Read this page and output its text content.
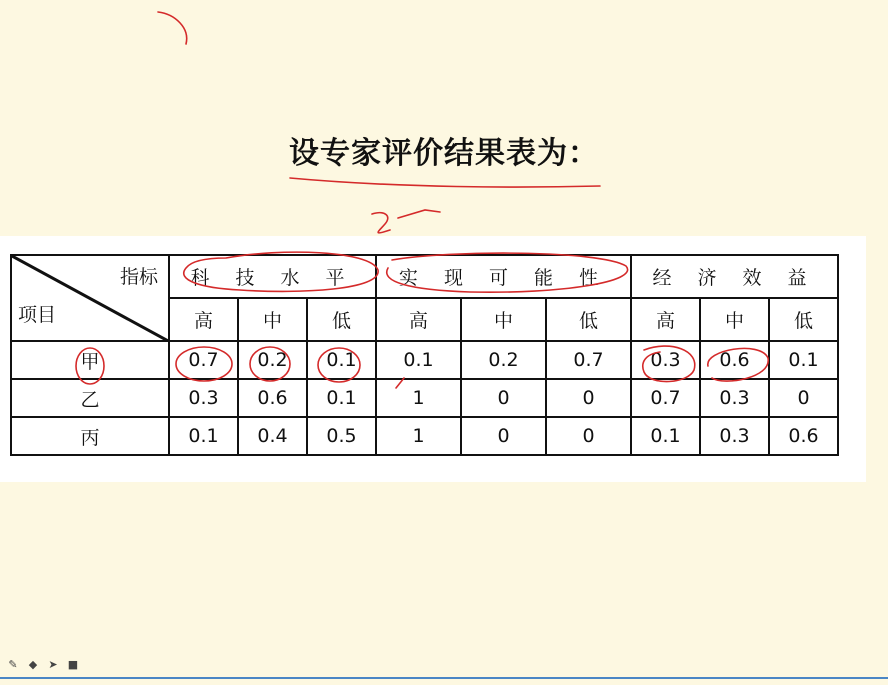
设专家评价结果表为：
指标
项目	科 技 水 平			实 现 可 能 性			经 济 效 益		
	高	中	低	高	中	低	高	中	低
甲	0.7	0.2	0.1	0.1	0.2	0.7	0.3	0.6	0.1
乙	0.3	0.6	0.1	1	0	0	0.7	0.3	0
丙	0.1	0.4	0.5	1	0	0	0.1	0.3	0.6
✎ ◆ ➤ ■
